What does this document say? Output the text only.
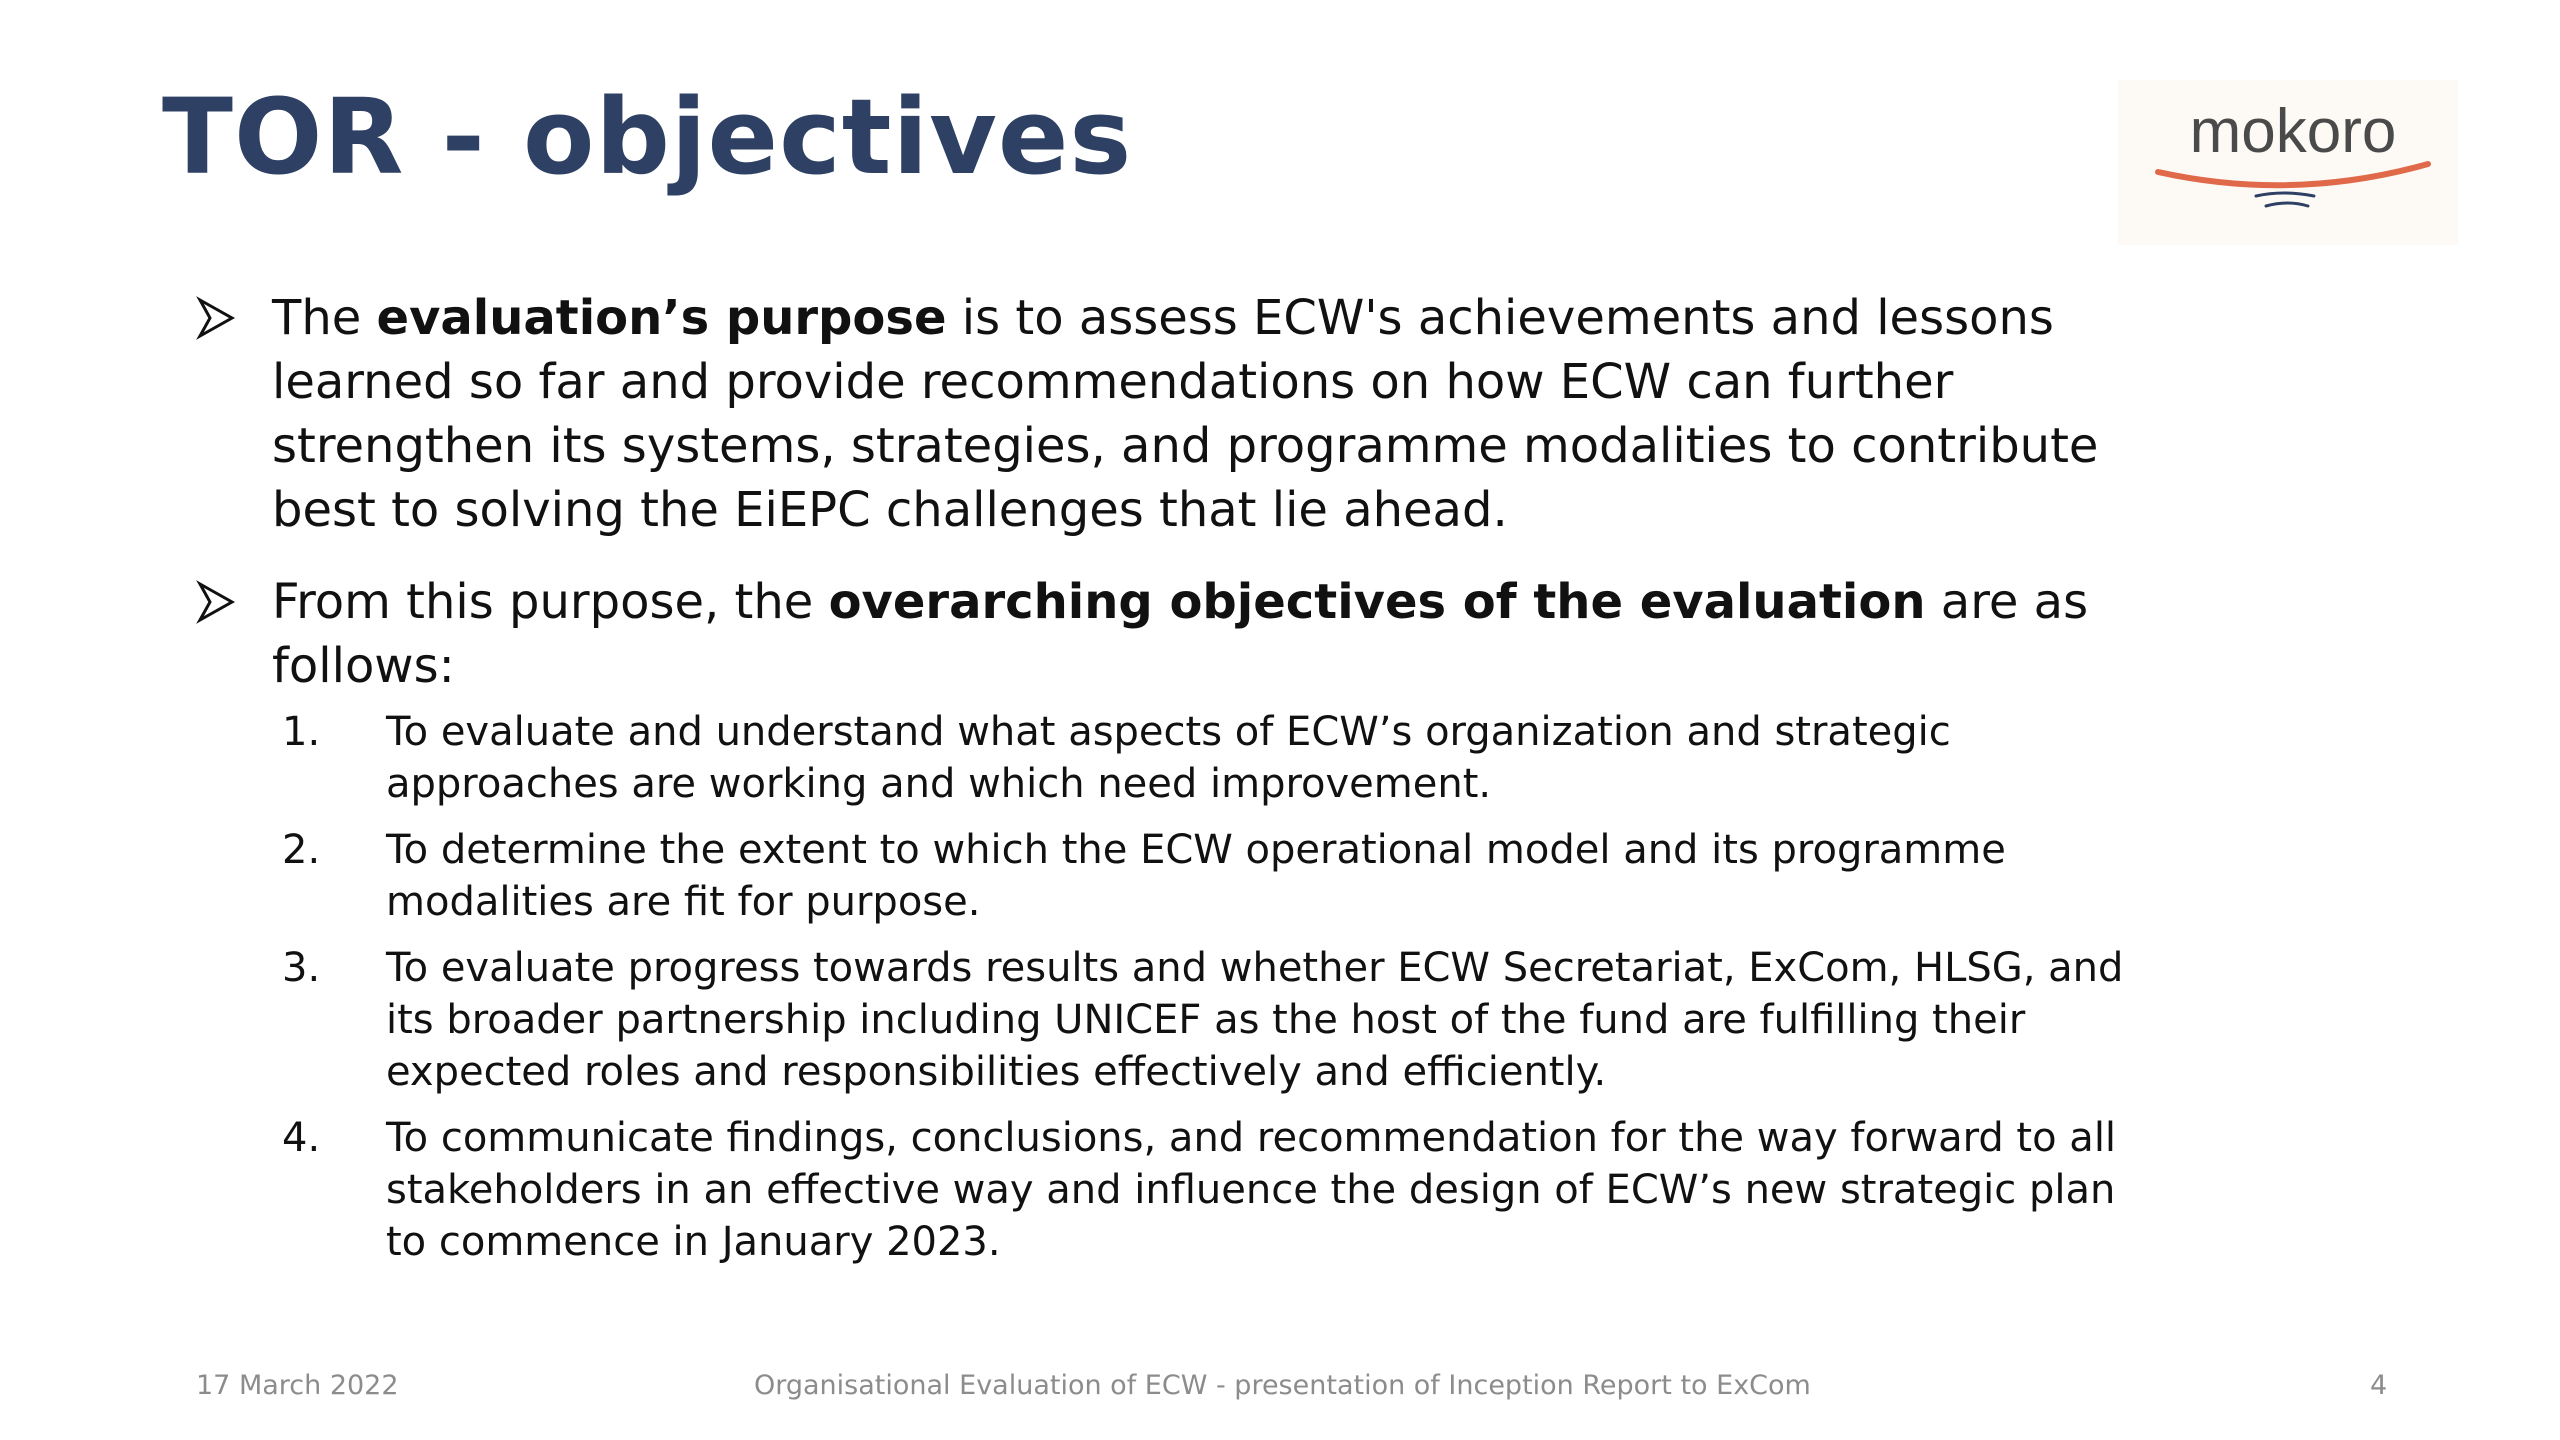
TOR - objectives	mokoro
The evaluation’s purpose is to assess ECW's achievements and lessons learned so far and provide recommendations on how ECW can further strengthen its systems, strategies, and programme modalities to contribute best to solving the EiEPC challenges that lie ahead.
From this purpose, the overarching objectives of the evaluation are as follows:
1. To evaluate and understand what aspects of ECW’s organization and strategic approaches are working and which need improvement.
2. To determine the extent to which the ECW operational model and its programme modalities are fit for purpose.
3. To evaluate progress towards results and whether ECW Secretariat, ExCom, HLSG, and its broader partnership including UNICEF as the host of the fund are fulfilling their expected roles and responsibilities effectively and efficiently.
4. To communicate findings, conclusions, and recommendation for the way forward to all stakeholders in an effective way and influence the design of ECW’s new strategic plan to commence in January 2023.
17 March 2022	Organisational Evaluation of ECW - presentation of Inception Report to ExCom	4
